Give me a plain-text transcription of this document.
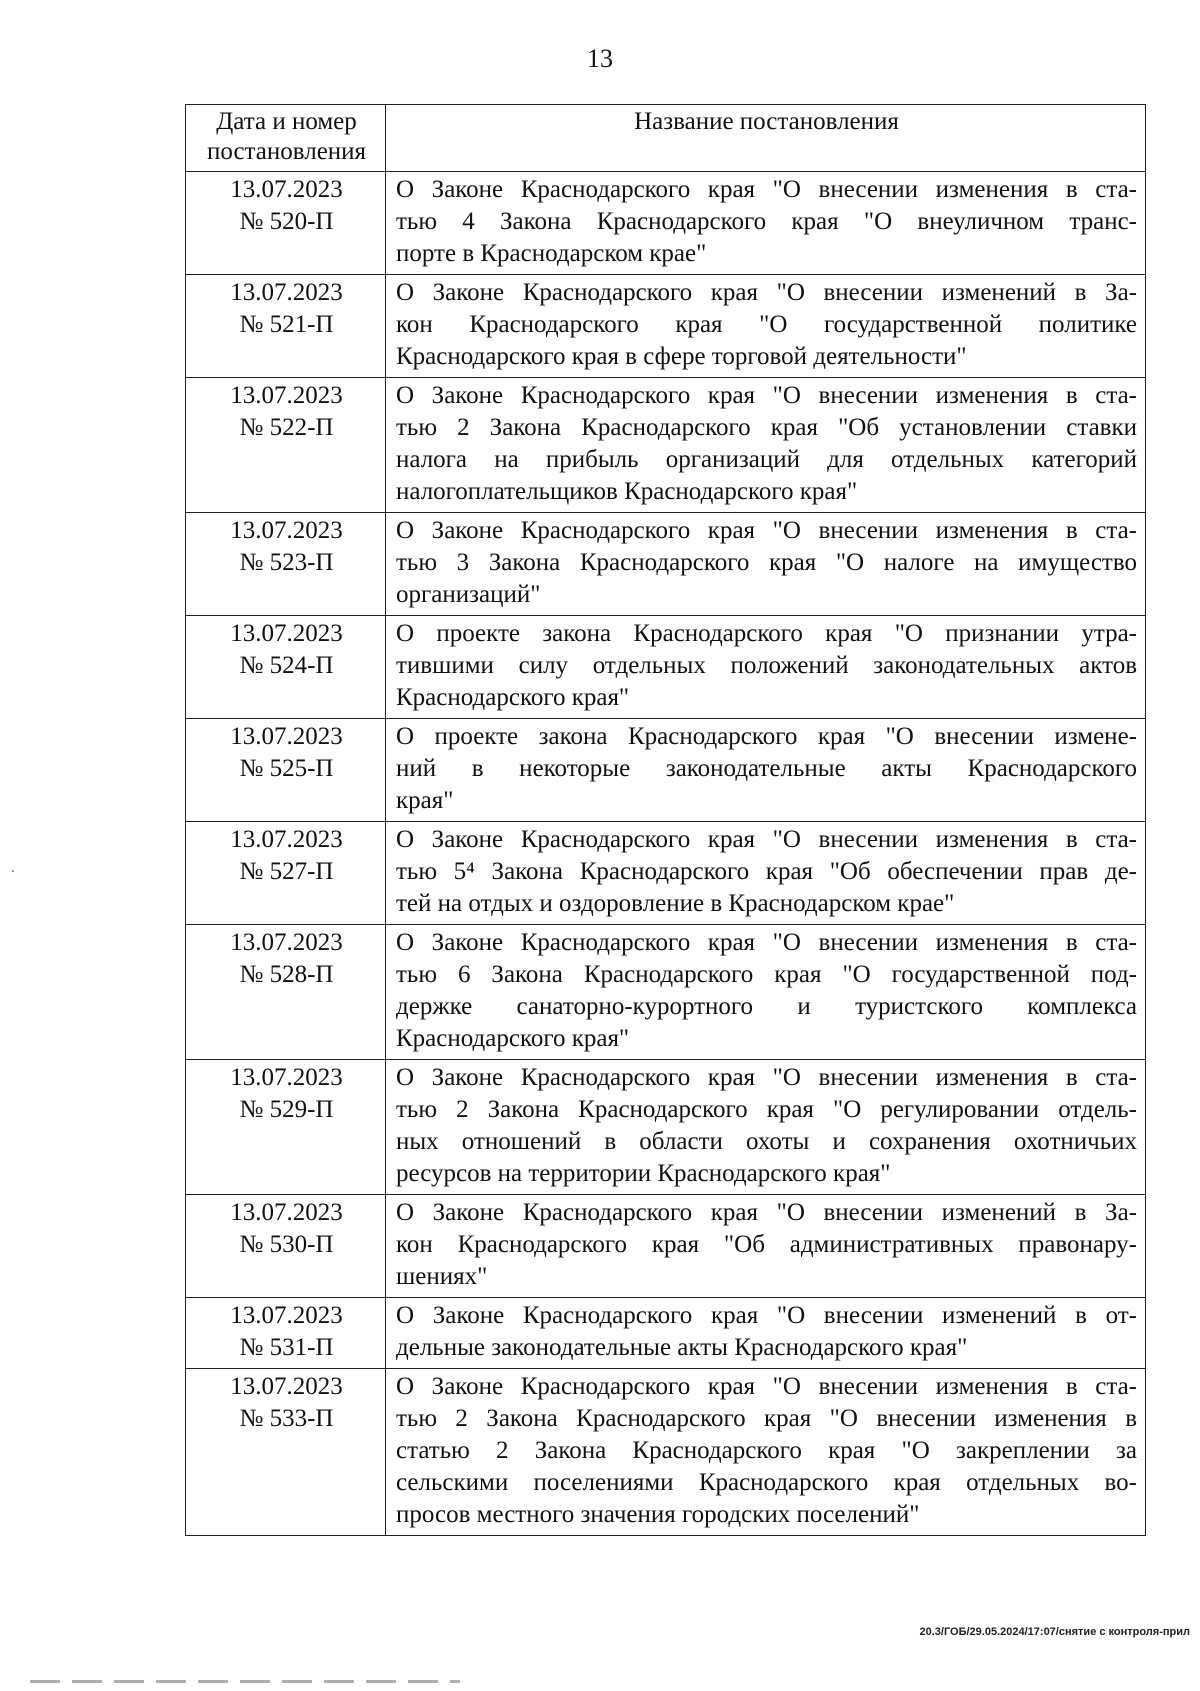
13
Дата и номер
постановления	Название постановления

13.07.2023
№ 520-П	О Законе Краснодарского края "О внесении изменения в ста-
тью 4 Закона Краснодарского края "О внеуличном транс-
порте в Краснодарском крае"

13.07.2023
№ 521-П	О Законе Краснодарского края "О внесении изменений в За-
кон Краснодарского края "О государственной политике
Краснодарского края в сфере торговой деятельности"

13.07.2023
№ 522-П	О Законе Краснодарского края "О внесении изменения в ста-
тью 2 Закона Краснодарского края "Об установлении ставки
налога на прибыль организаций для отдельных категорий
налогоплательщиков Краснодарского края"

13.07.2023
№ 523-П	О Законе Краснодарского края "О внесении изменения в ста-
тью 3 Закона Краснодарского края "О налоге на имущество
организаций"

13.07.2023
№ 524-П	О проекте закона Краснодарского края "О признании утра-
тившими силу отдельных положений законодательных актов
Краснодарского края"

13.07.2023
№ 525-П	О проекте закона Краснодарского края "О внесении измене-
ний в некоторые законодательные акты Краснодарского
края"

13.07.2023
№ 527-П	О Законе Краснодарского края "О внесении изменения в ста-
тью 5⁴ Закона Краснодарского края "Об обеспечении прав де-
тей на отдых и оздоровление в Краснодарском крае"

13.07.2023
№ 528-П	О Законе Краснодарского края "О внесении изменения в ста-
тью 6 Закона Краснодарского края "О государственной под-
держке санаторно-курортного и туристского комплекса
Краснодарского края"

13.07.2023
№ 529-П	О Законе Краснодарского края "О внесении изменения в ста-
тью 2 Закона Краснодарского края "О регулировании отдель-
ных отношений в области охоты и сохранения охотничьих
ресурсов на территории Краснодарского края"

13.07.2023
№ 530-П	О Законе Краснодарского края "О внесении изменений в За-
кон Краснодарского края "Об административных правонару-
шениях"

13.07.2023
№ 531-П	О Законе Краснодарского края "О внесении изменений в от-
дельные законодательные акты Краснодарского края"

13.07.2023
№ 533-П	О Законе Краснодарского края "О внесении изменения в ста-
тью 2 Закона Краснодарского края "О внесении изменения в
статью 2 Закона Краснодарского края "О закреплении за
сельскими поселениями Краснодарского края отдельных во-
просов местного значения городских поселений"
20.3/ГОБ/29.05.2024/17:07/снятие с контроля-прил
